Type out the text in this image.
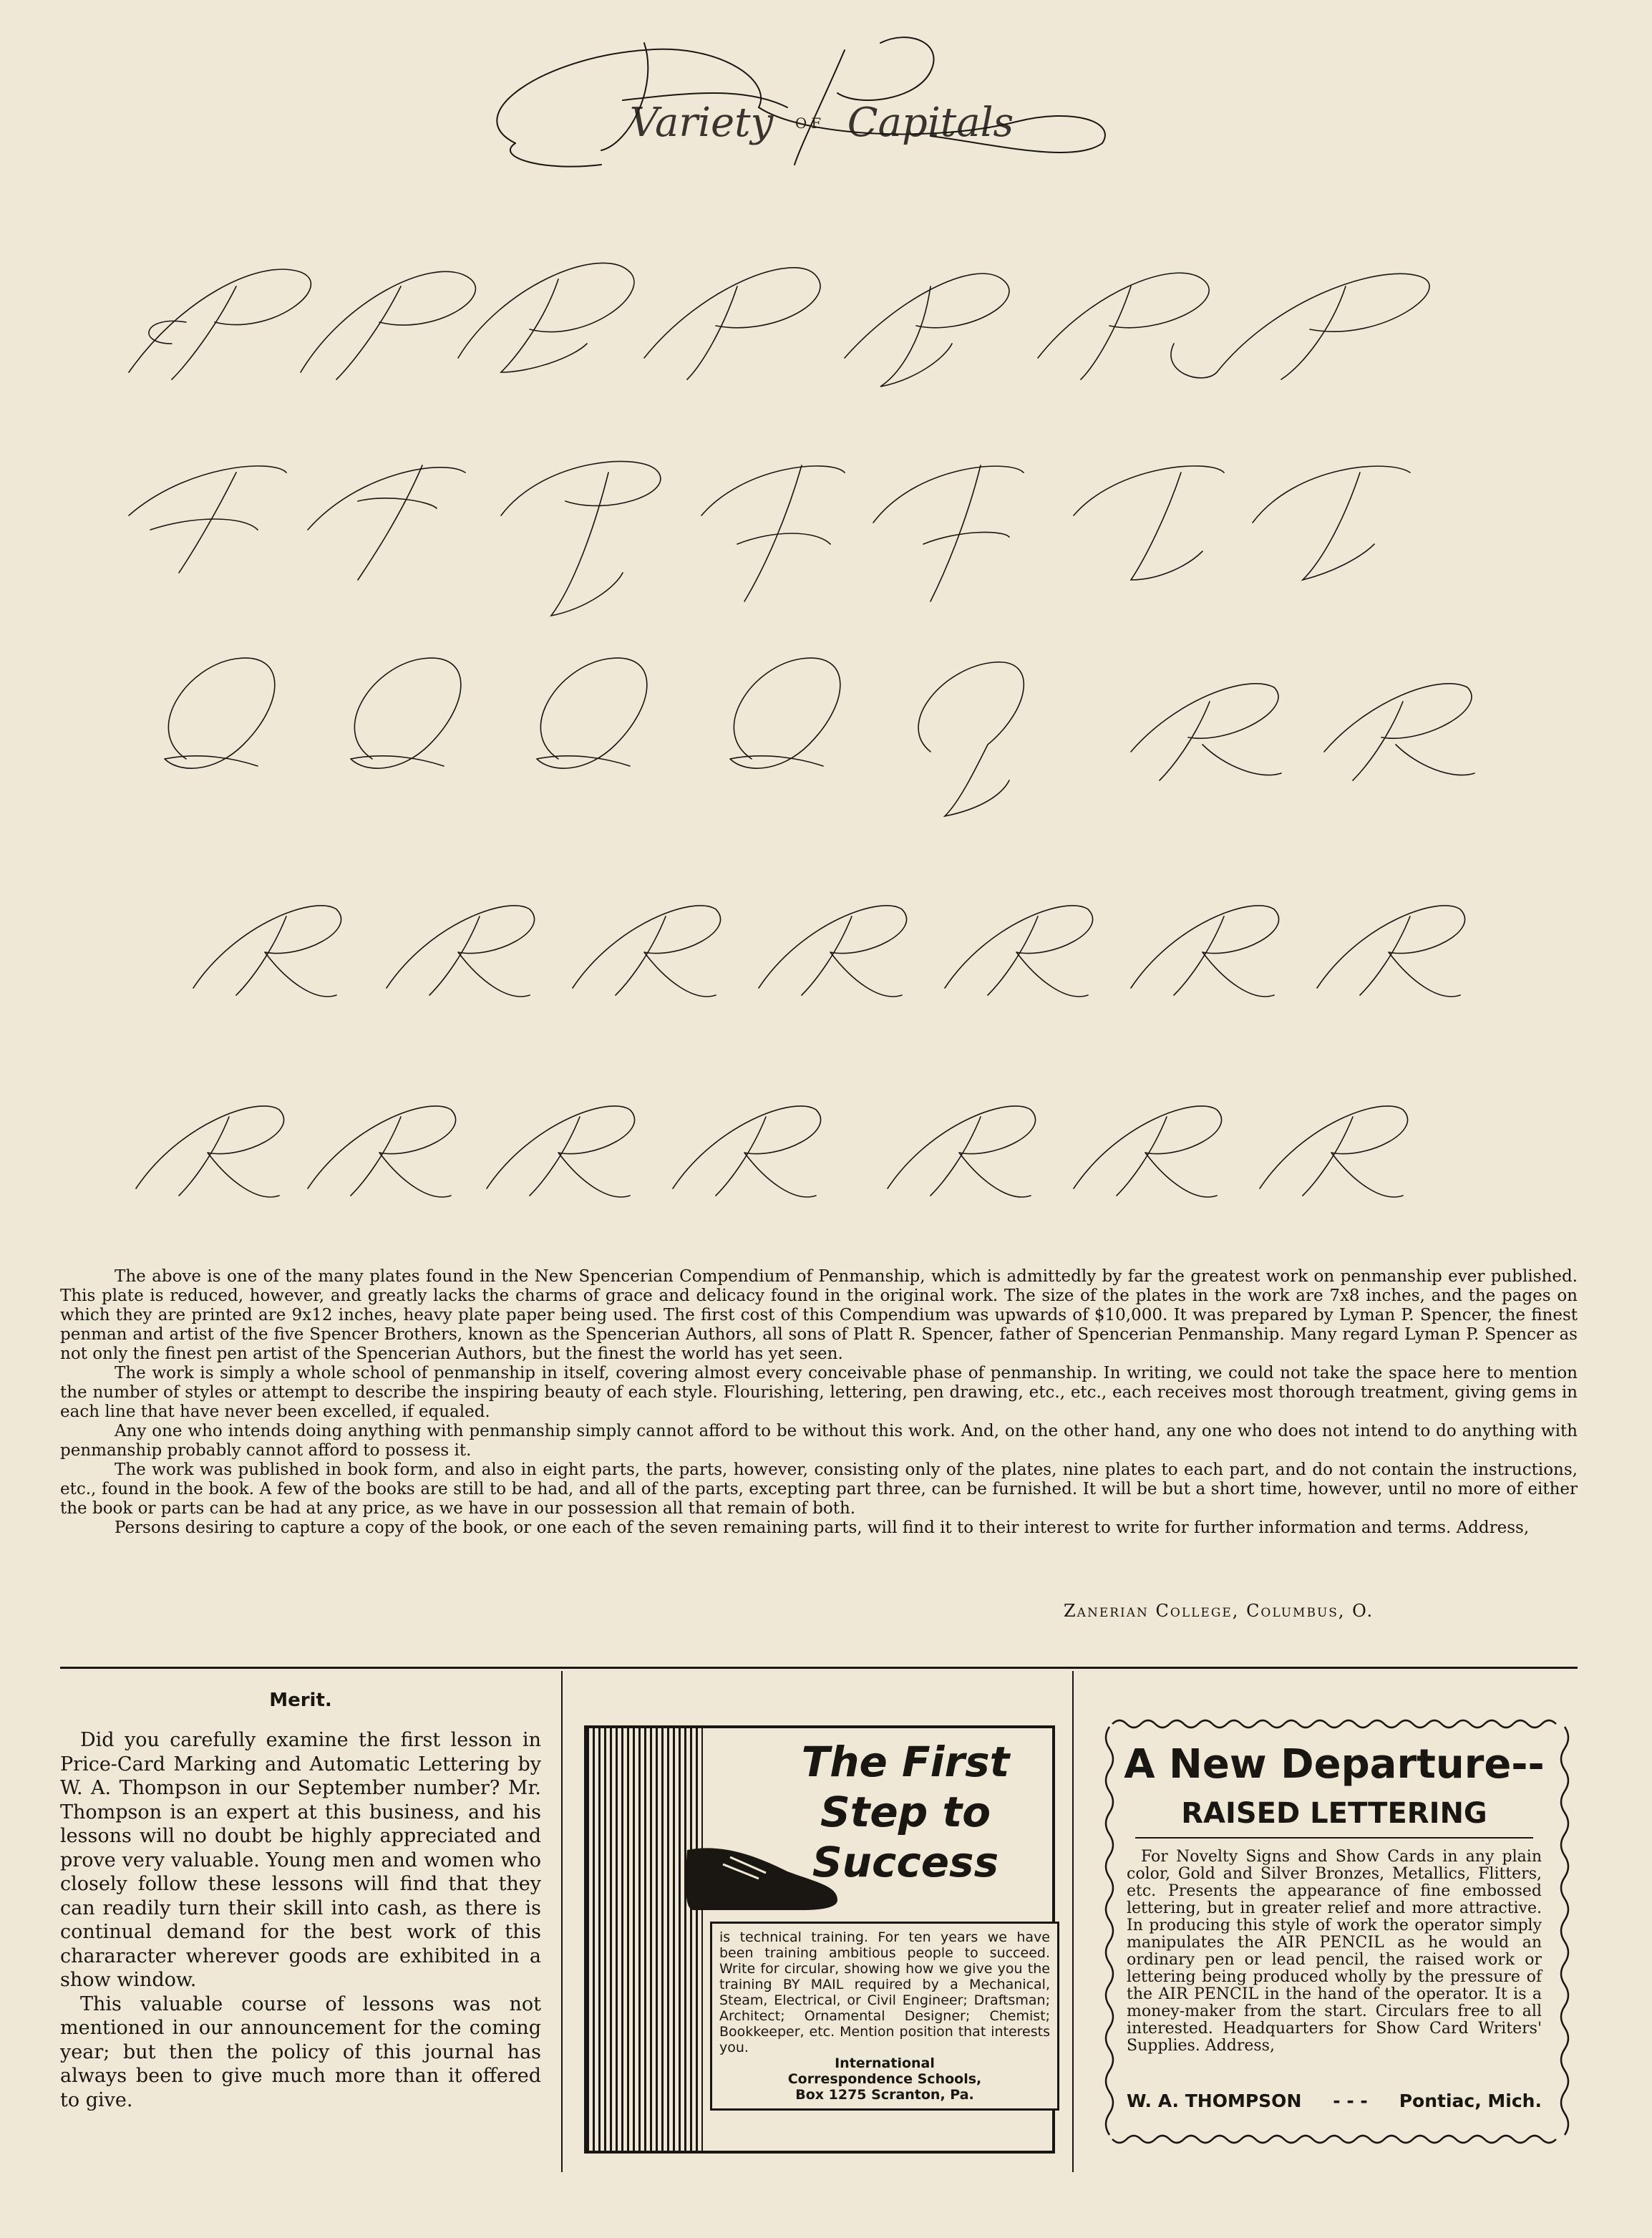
Variety Capitals
OF

The above is one of the many plates found in the New Spencerian Compendium of Penmanship, which is admittedly by far the greatest work on penmanship ever published. This plate is reduced, however, and greatly lacks the charms of grace and delicacy found in the original work. The size of the plates in the work are 7x8 inches, and the pages on which they are printed are 9x12 inches, heavy plate paper being used. The first cost of this Compendium was upwards of $10,000. It was prepared by Lyman P. Spencer, the finest penman and artist of the five Spencer Brothers, known as the Spencerian Authors, all sons of Platt R. Spencer, father of Spencerian Penmanship. Many regard Lyman P. Spencer as not only the finest pen artist of the Spencerian Authors, but the finest the world has yet seen.

The work is simply a whole school of penmanship in itself, covering almost every conceivable phase of penmanship. In writing, we could not take the space here to mention the number of styles or attempt to describe the inspiring beauty of each style. Flourishing, lettering, pen drawing, etc., etc., each receives most thorough treatment, giving gems in each line that have never been excelled, if equaled.

Any one who intends doing anything with penmanship simply cannot afford to be without this work. And, on the other hand, any one who does not intend to do anything with penmanship probably cannot afford to possess it.

The work was published in book form, and also in eight parts, the parts, however, consisting only of the plates, nine plates to each part, and do not contain the instructions, etc., found in the book. A few of the books are still to be had, and all of the parts, excepting part three, can be furnished. It will be but a short time, however, until no more of either the book or parts can be had at any price, as we have in our possession all that remain of both.

Persons desiring to capture a copy of the book, or one each of the seven remaining parts, will find it to their interest to write for further information and terms. Address,

Zanerian College, Columbus, O.
Merit.

Did you carefully examine the first lesson in Price-Card Marking and Automatic Lettering by W. A. Thompson in our September number? Mr. Thompson is an expert at this business, and his lessons will no doubt be highly appreciated and prove very valuable. Young men and women who closely follow these lessons will find that they can readily turn their skill into cash, as there is continual demand for the best work of this chararacter wherever goods are exhibited in a show window.

This valuable course of lessons was not mentioned in our announcement for the coming year; but then the policy of this journal has always been to give much more than it offered to give.

The First
Step to
Success
is technical training. For ten years we have been training ambitious people to succeed. Write for circular, showing how we give you the training BY MAIL required by a Mechanical, Steam, Electrical, or Civil Engineer; Draftsman; Architect; Ornamental Designer; Chemist; Bookkeeper, etc. Mention position that interests you.
International
Correspondence Schools,
Box 1275 Scranton, Pa.
A New Departure--
RAISED LETTERING

For Novelty Signs and Show Cards in any plain color, Gold and Silver Bronzes, Metallics, Flitters, etc. Presents the appearance of fine embossed lettering, but in greater relief and more attractive. In producing this style of work the operator simply manipulates the AIR PENCIL as he would an ordinary pen or lead pencil, the raised work or lettering being produced wholly by the pressure of the AIR PENCIL in the hand of the operator. It is a money-maker from the start. Circulars free to all interested. Headquarters for Show Card Writers' Supplies. Address,

W. A. THOMPSON - - - Pontiac, Mich.
